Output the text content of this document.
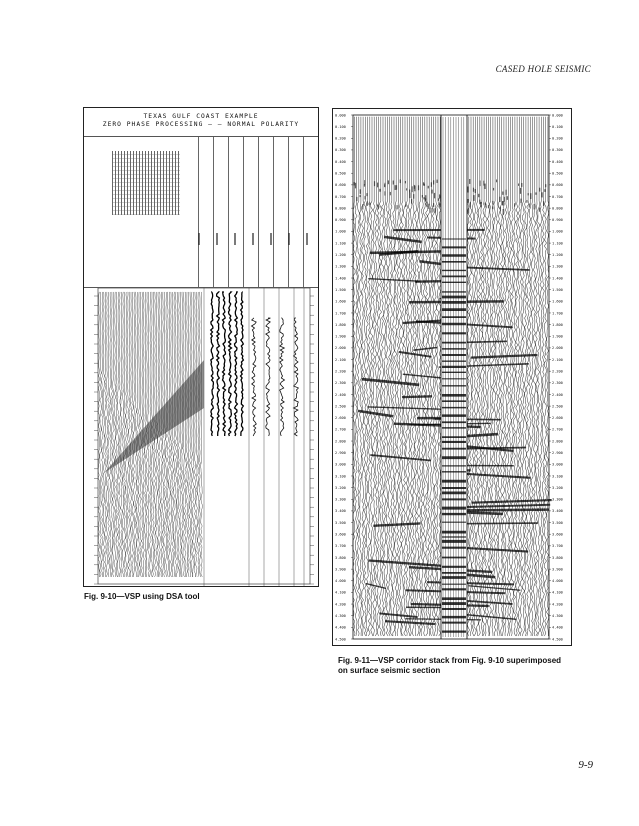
CASED HOLE SEISMIC
TEXAS GULF COAST EXAMPLE
ZERO PHASE PROCESSING – – NORMAL POLARITY
Fig. 9-10—VSP using DSA tool
0.000	0.000
0.100	0.100
0.200	0.200
0.300	0.300
0.400	0.400
0.500	0.500
0.600	0.600
0.700	0.700
0.800	0.800
0.900	0.900
1.000	1.000
1.100	1.100
1.200	1.200
1.300	1.300
1.400	1.400
1.500	1.500
1.600	1.600
1.700	1.700
1.800	1.800
1.900	1.900
2.000	2.000
2.100	2.100
2.200	2.200
2.300	2.300
2.400	2.400
2.500	2.500
2.600	2.600
2.700	2.700
2.800	2.800
2.900	2.900
3.000	3.000
3.100	3.100
3.200	3.200
3.300	3.300
3.400	3.400
3.500	3.500
3.600	3.600
3.700	3.700
3.800	3.800
3.900	3.900
4.000	4.000
4.100	4.100
4.200	4.200
4.300	4.300
4.400	4.400
4.500	4.500
Fig. 9-11—VSP corridor stack from Fig. 9-10 superimposed on surface seismic section
9-9
